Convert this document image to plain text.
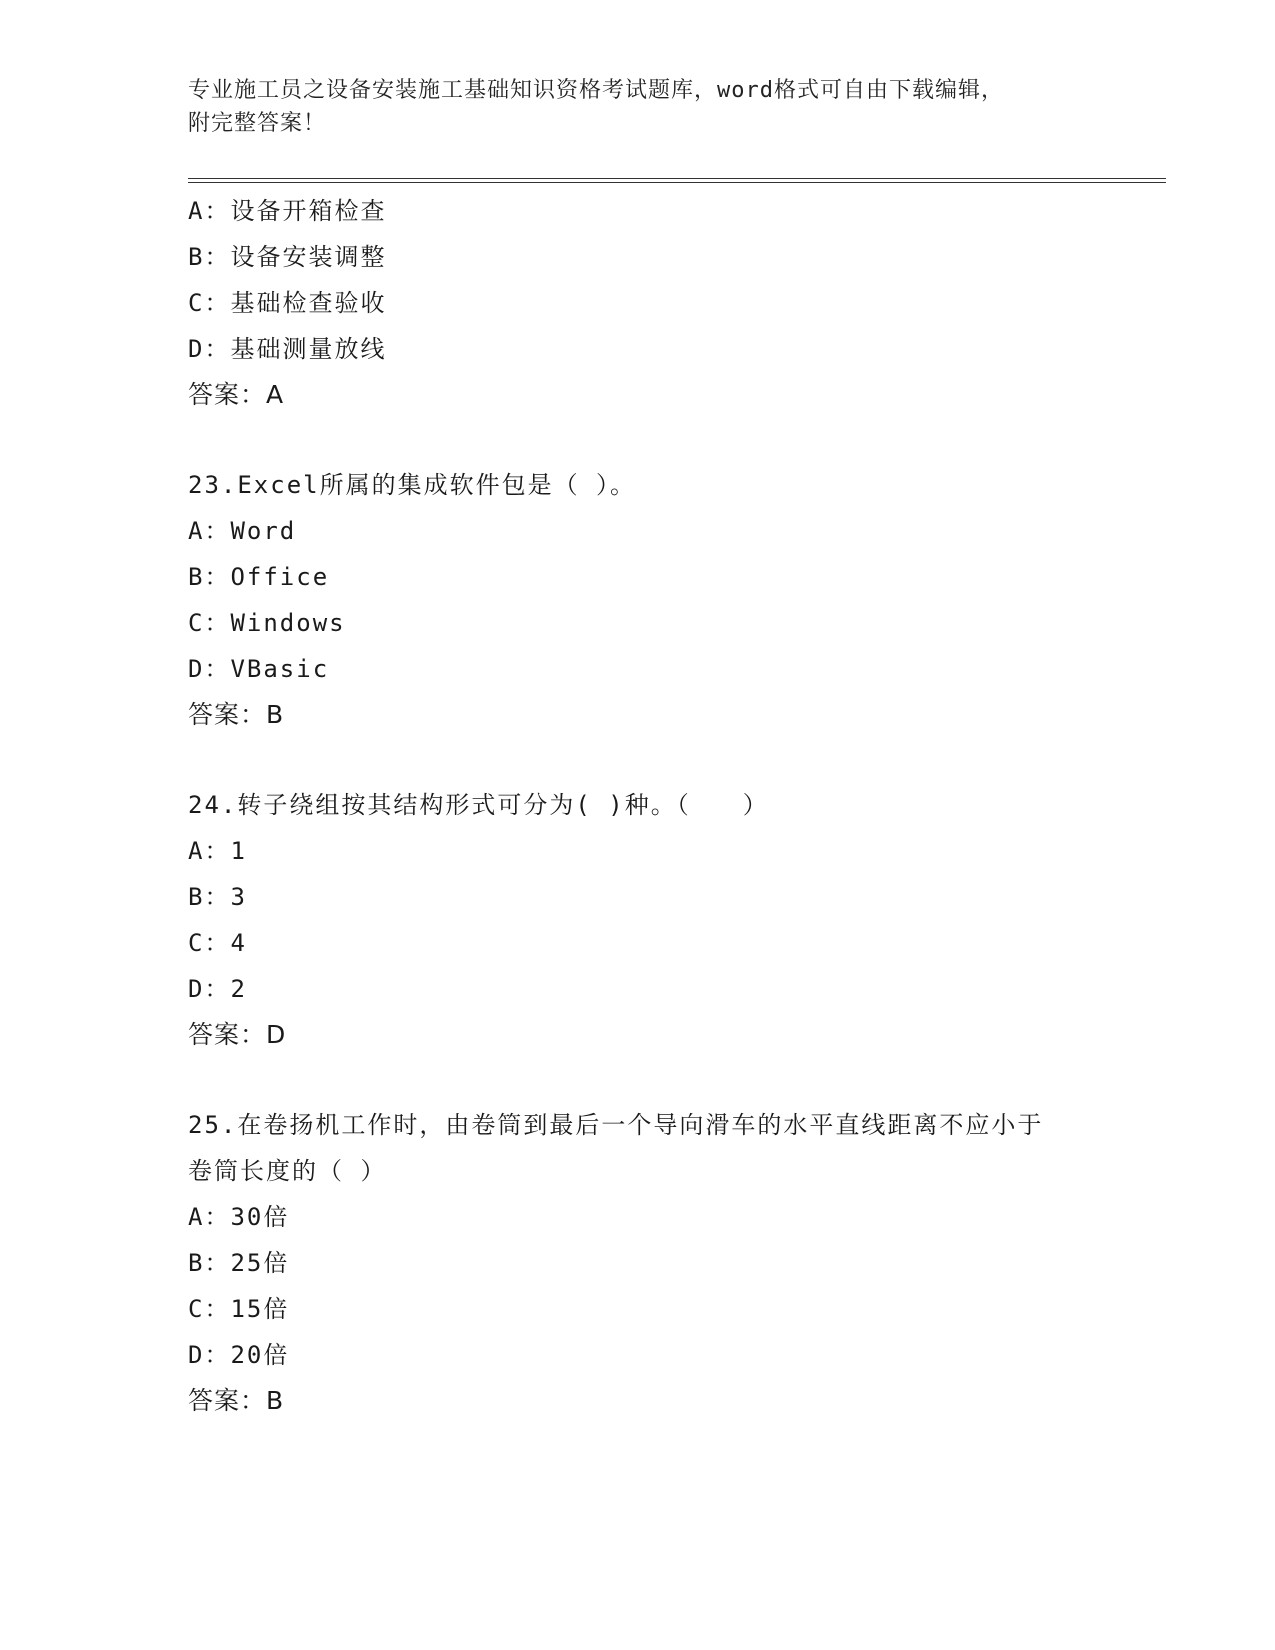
专业施工员之设备安装施工基础知识资格考试题库，word格式可自由下载编辑，
附完整答案！
A：设备开箱检查
B：设备安装调整
C：基础检查验收
D：基础测量放线
答案：A
23.Excel所属的集成软件包是（ ）。
A：Word
B：Office
C：Windows
D：VBasic
答案：B
24.转子绕组按其结构形式可分为( )种。（　　）
A：1
B：3
C：4
D：2
答案：D
25.在卷扬机工作时，由卷筒到最后一个导向滑车的水平直线距离不应小于卷筒长度的（ ）
A：30倍
B：25倍
C：15倍
D：20倍
答案：B
